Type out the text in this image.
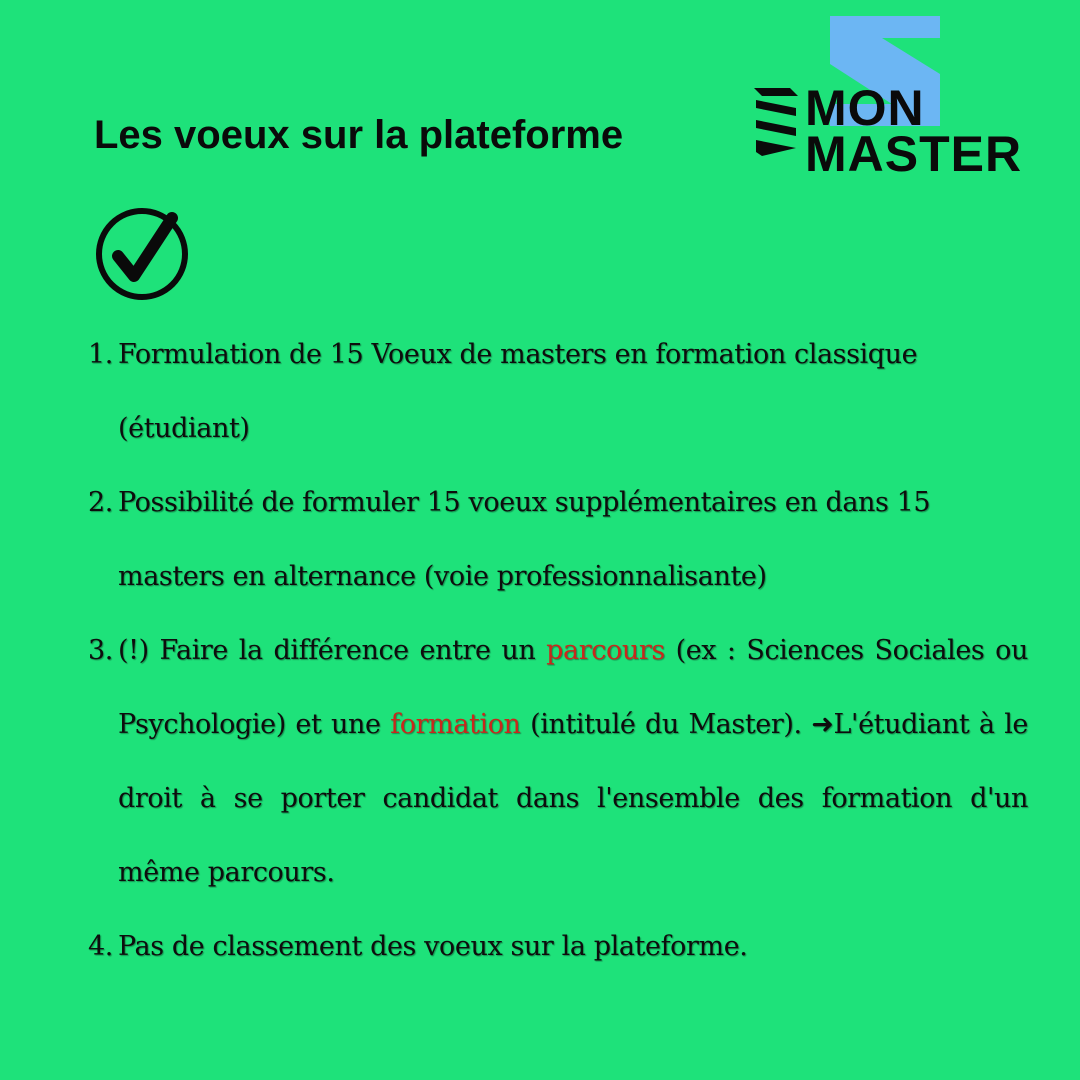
Les voeux sur la plateforme	MON
MASTER

1. Formulation de 15 Voeux de masters en formation classique (étudiant)

2. Possibilité de formuler 15 voeux supplémentaires en dans 15 masters en alternance (voie professionnalisante)

3. (!) Faire la différence entre un parcours (ex : Sciences Sociales ou Psychologie) et une formation (intitulé du Master). ➜L'étudiant à le droit à se porter candidat dans l'ensemble des formation d'un même parcours.

4. Pas de classement des voeux sur la plateforme.
